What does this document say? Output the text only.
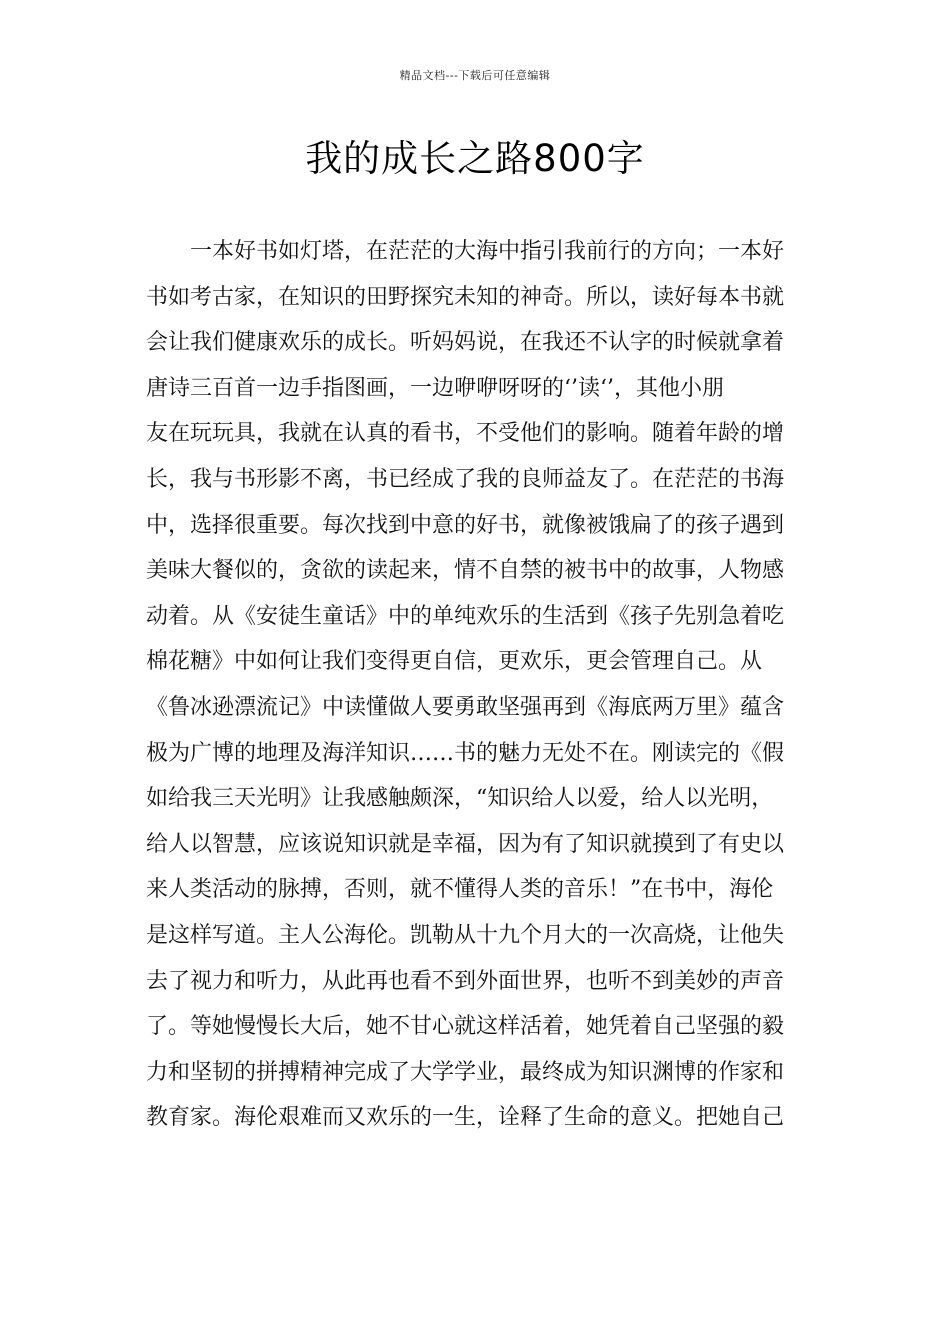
精品文档---下载后可任意编辑
我的成长之路800字
一本好书如灯塔，在茫茫的大海中指引我前行的方向；一本好
书如考古家，在知识的田野探究未知的神奇。所以，读好每本书就
会让我们健康欢乐的成长。听妈妈说，在我还不认字的时候就拿着
唐诗三百首一边手指图画，一边咿咿呀呀的‘’读‘’，其他小朋
友在玩玩具，我就在认真的看书，不受他们的影响。随着年龄的增
长，我与书形影不离，书已经成了我的良师益友了。在茫茫的书海
中，选择很重要。每次找到中意的好书，就像被饿扁了的孩子遇到
美味大餐似的，贪欲的读起来，情不自禁的被书中的故事，人物感
动着。从《安徒生童话》中的单纯欢乐的生活到《孩子先别急着吃
棉花糖》中如何让我们变得更自信，更欢乐，更会管理自己。从
《鲁冰逊漂流记》中读懂做人要勇敢坚强再到《海底两万里》蕴含
极为广博的地理及海洋知识……书的魅力无处不在。刚读完的《假
如给我三天光明》让我感触颇深，“知识给人以爱，给人以光明，
给人以智慧，应该说知识就是幸福，因为有了知识就摸到了有史以
来人类活动的脉搏，否则，就不懂得人类的音乐！”在书中，海伦
是这样写道。主人公海伦。凯勒从十九个月大的一次高烧，让他失
去了视力和听力，从此再也看不到外面世界，也听不到美妙的声音
了。等她慢慢长大后，她不甘心就这样活着，她凭着自己坚强的毅
力和坚韧的拼搏精神完成了大学学业，最终成为知识渊博的作家和
教育家。海伦艰难而又欢乐的一生，诠释了生命的意义。把她自己
